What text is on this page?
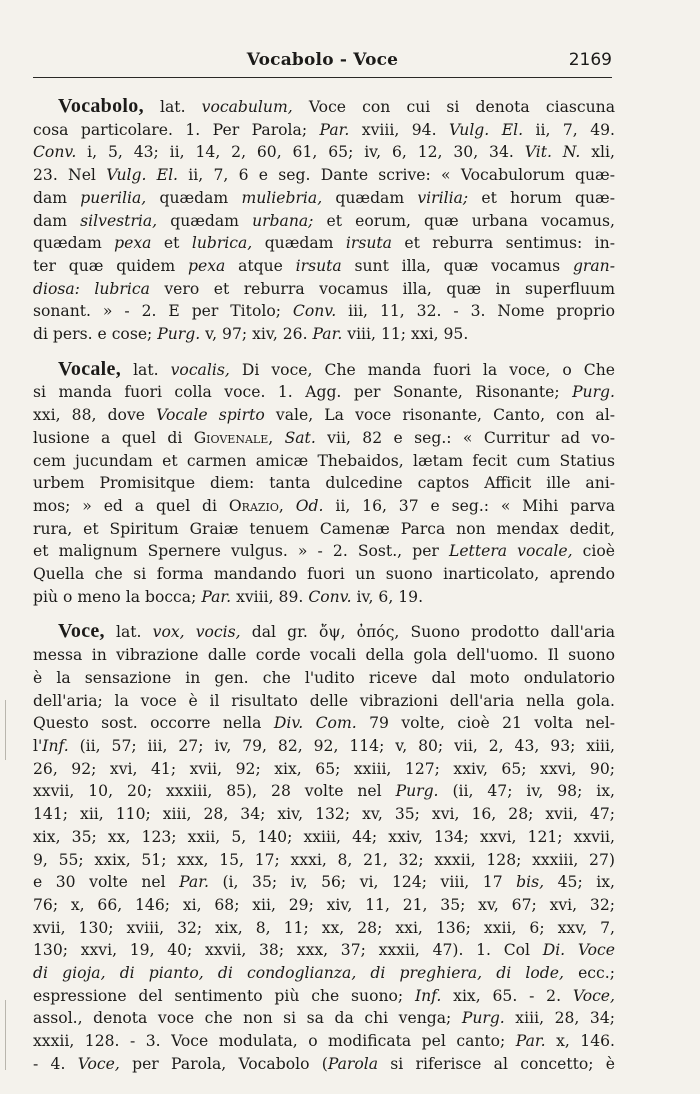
Vocabolo - Voce	2169
Vocabolo, lat. vocabulum, Voce con cui si denota ciascuna
cosa particolare. 1. Per Parola; Par. xviii, 94. Vulg. El. ii, 7, 49.
Conv. i, 5, 43; ii, 14, 2, 60, 61, 65; iv, 6, 12, 30, 34. Vit. N. xli,
23. Nel Vulg. El. ii, 7, 6 e seg. Dante scrive: « Vocabulorum quæ-
dam puerilia, quædam muliebria, quædam virilia; et horum quæ-
dam silvestria, quædam urbana; et eorum, quæ urbana vocamus,
quædam pexa et lubrica, quædam irsuta et reburra sentimus: in-
ter quæ quidem pexa atque irsuta sunt illa, quæ vocamus gran-
diosa: lubrica vero et reburra vocamus illa, quæ in superfluum
sonant. » - 2. E per Titolo; Conv. iii, 11, 32. - 3. Nome proprio
di pers. e cose; Purg. v, 97; xiv, 26. Par. viii, 11; xxi, 95.
Vocale, lat. vocalis, Di voce, Che manda fuori la voce, o Che
si manda fuori colla voce. 1. Agg. per Sonante, Risonante; Purg.
xxi, 88, dove Vocale spirto vale, La voce risonante, Canto, con al-
lusione a quel di Giovenale, Sat. vii, 82 e seg.: « Curritur ad vo-
cem jucundam et carmen amicæ Thebaidos, lætam fecit cum Statius
urbem Promisitque diem: tanta dulcedine captos Afficit ille ani-
mos; » ed a quel di Orazio, Od. ii, 16, 37 e seg.: « Mihi parva
rura, et Spiritum Graiæ tenuem Camenæ Parca non mendax dedit,
et malignum Spernere vulgus. » - 2. Sost., per Lettera vocale, cioè
Quella che si forma mandando fuori un suono inarticolato, aprendo
più o meno la bocca; Par. xviii, 89. Conv. iv, 6, 19.
Voce, lat. vox, vocis, dal gr. ὄψ, ὀπός, Suono prodotto dall'aria
messa in vibrazione dalle corde vocali della gola dell'uomo. Il suono
è la sensazione in gen. che l'udito riceve dal moto ondulatorio
dell'aria; la voce è il risultato delle vibrazioni dell'aria nella gola.
Questo sost. occorre nella Div. Com. 79 volte, cioè 21 volta nel-
l'Inf. (ii, 57; iii, 27; iv, 79, 82, 92, 114; v, 80; vii, 2, 43, 93; xiii,
26, 92; xvi, 41; xvii, 92; xix, 65; xxiii, 127; xxiv, 65; xxvi, 90;
xxvii, 10, 20; xxxiii, 85), 28 volte nel Purg. (ii, 47; iv, 98; ix,
141; xii, 110; xiii, 28, 34; xiv, 132; xv, 35; xvi, 16, 28; xvii, 47;
xix, 35; xx, 123; xxii, 5, 140; xxiii, 44; xxiv, 134; xxvi, 121; xxvii,
9, 55; xxix, 51; xxx, 15, 17; xxxi, 8, 21, 32; xxxii, 128; xxxiii, 27)
e 30 volte nel Par. (i, 35; iv, 56; vi, 124; viii, 17 bis, 45; ix,
76; x, 66, 146; xi, 68; xii, 29; xiv, 11, 21, 35; xv, 67; xvi, 32;
xvii, 130; xviii, 32; xix, 8, 11; xx, 28; xxi, 136; xxii, 6; xxv, 7,
130; xxvi, 19, 40; xxvii, 38; xxx, 37; xxxii, 47). 1. Col Di. Voce
di gioja, di pianto, di condoglianza, di preghiera, di lode, ecc.;
espressione del sentimento più che suono; Inf. xix, 65. - 2. Voce,
assol., denota voce che non si sa da chi venga; Purg. xiii, 28, 34;
xxxii, 128. - 3. Voce modulata, o modificata pel canto; Par. x, 146.
- 4. Voce, per Parola, Vocabolo (Parola si riferisce al concetto; è
